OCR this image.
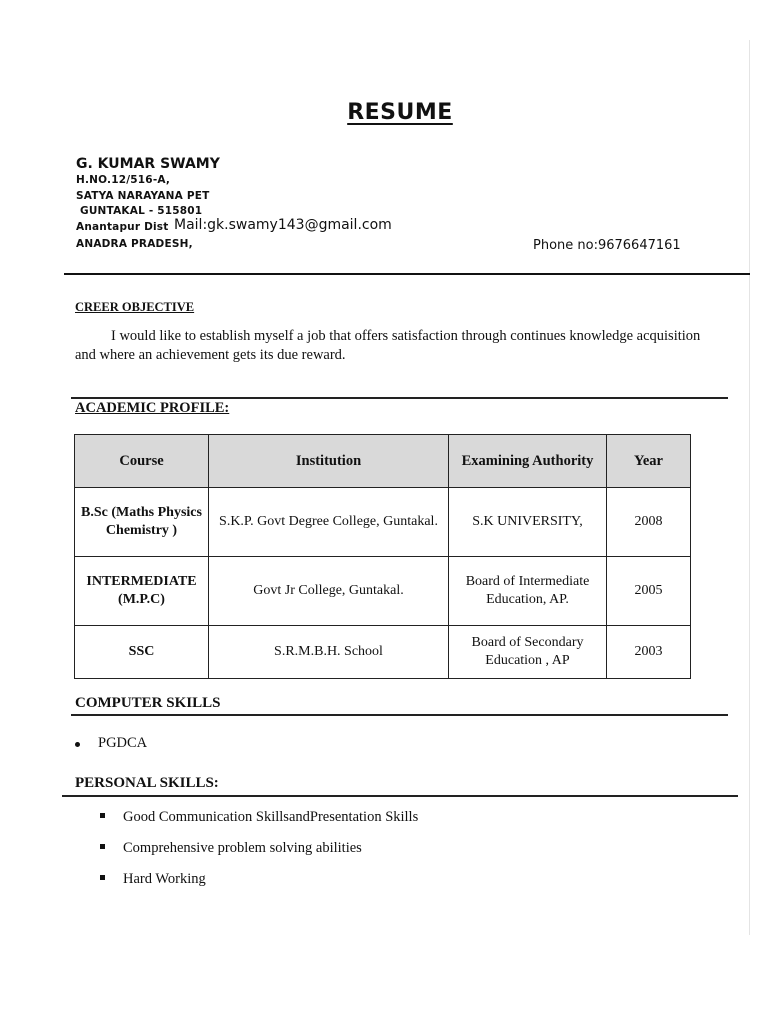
RESUME
G. KUMAR SWAMY
H.NO.12/516-A,
SATYA NARAYANA PET
GUNTAKAL - 515801
Anantapur Dist Mail:gk.swamy143@gmail.com
ANADRA PRADESH,	Phone no:9676647161
CREER OBJECTIVE
I would like to establish myself a job that offers satisfaction through continues knowledge acquisition and where an achievement gets its due reward.
ACADEMIC PROFILE:
Course	Institution	Examining Authority	Year
B.Sc (Maths Physics Chemistry )	S.K.P. Govt Degree College, Guntakal.	S.K UNIVERSITY,	2008
INTERMEDIATE (M.P.C)	Govt Jr College, Guntakal.	Board of Intermediate Education, AP.	2005
SSC	S.R.M.B.H. School	Board of Secondary Education , AP	2003
COMPUTER SKILLS
PGDCA
PERSONAL SKILLS:
Good Communication SkillsandPresentation Skills
Comprehensive problem solving abilities
Hard Working
